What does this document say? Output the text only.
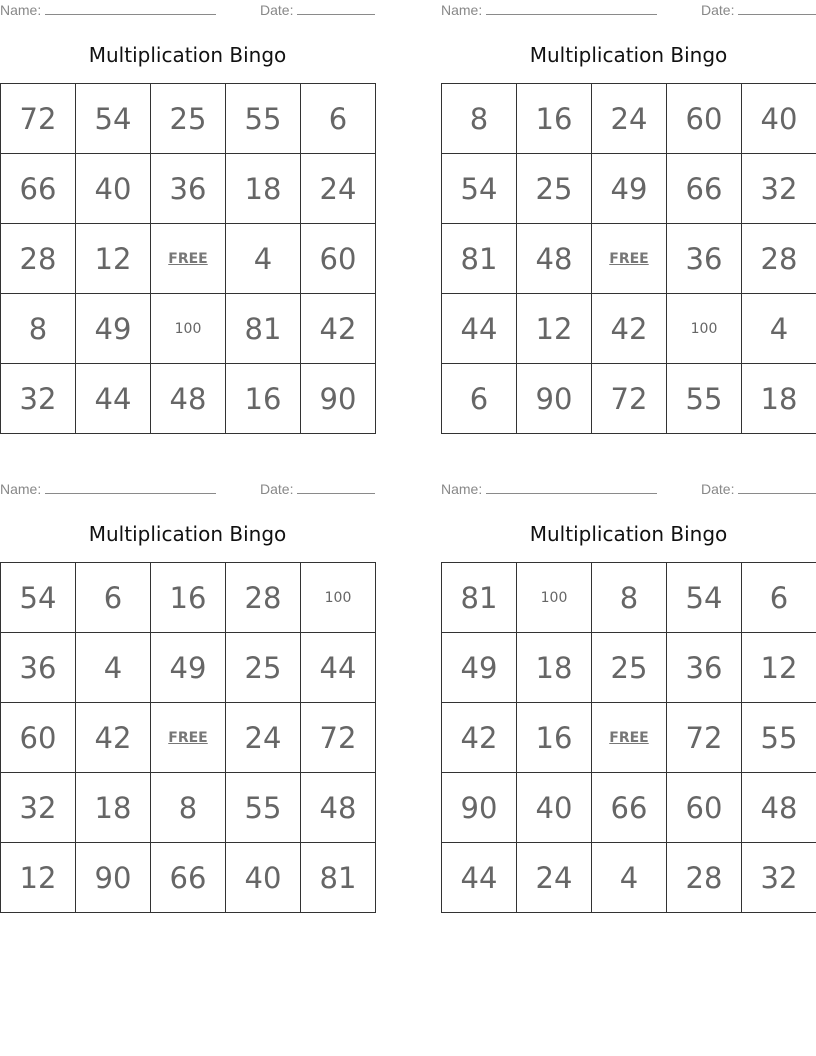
Name:	Date:
Multiplication Bingo
72	54	25	55	6
66	40	36	18	24
28	12	FREE	4	60
8	49	100	81	42
32	44	48	16	90
Name:	Date:
Multiplication Bingo
8	16	24	60	40
54	25	49	66	32
81	48	FREE	36	28
44	12	42	100	4
6	90	72	55	18
Name:	Date:
Multiplication Bingo
54	6	16	28	100
36	4	49	25	44
60	42	FREE	24	72
32	18	8	55	48
12	90	66	40	81
Name:	Date:
Multiplication Bingo
81	100	8	54	6
49	18	25	36	12
42	16	FREE	72	55
90	40	66	60	48
44	24	4	28	32
